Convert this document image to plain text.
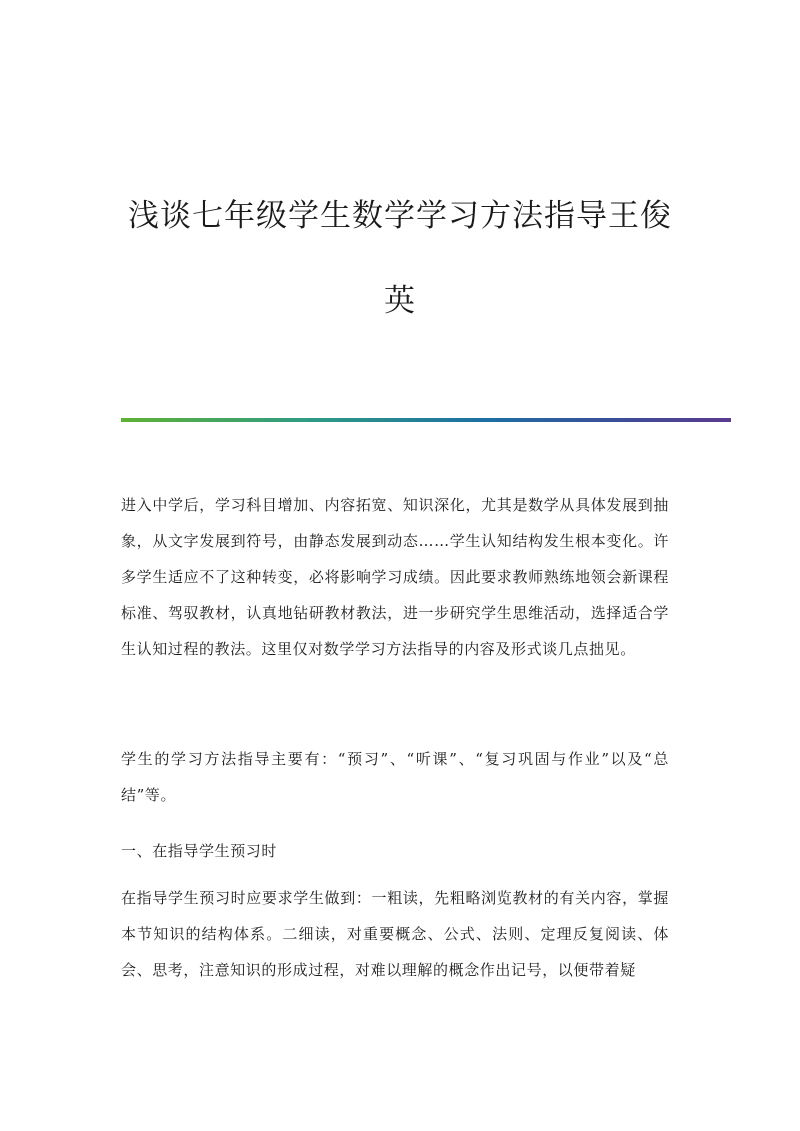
浅谈七年级学生数学学习方法指导王俊
英

进入中学后，学习科目增加、内容拓宽、知识深化，尤其是数学从具体发展到抽象，从文字发展到符号，由静态发展到动态……学生认知结构发生根本变化。许多学生适应不了这种转变，必将影响学习成绩。因此要求教师熟练地领会新课程标准、驾驭教材，认真地钻研教材教法，进一步研究学生思维活动，选择适合学生认知过程的教法。这里仅对数学学习方法指导的内容及形式谈几点拙见。

学生的学习方法指导主要有：“预习”、“听课”、“复习巩固与作业”以及“总结”等。

一、在指导学生预习时

在指导学生预习时应要求学生做到：一粗读，先粗略浏览教材的有关内容，掌握本节知识的结构体系。二细读，对重要概念、公式、法则、定理反复阅读、体会、思考，注意知识的形成过程，对难以理解的概念作出记号，以便带着疑
